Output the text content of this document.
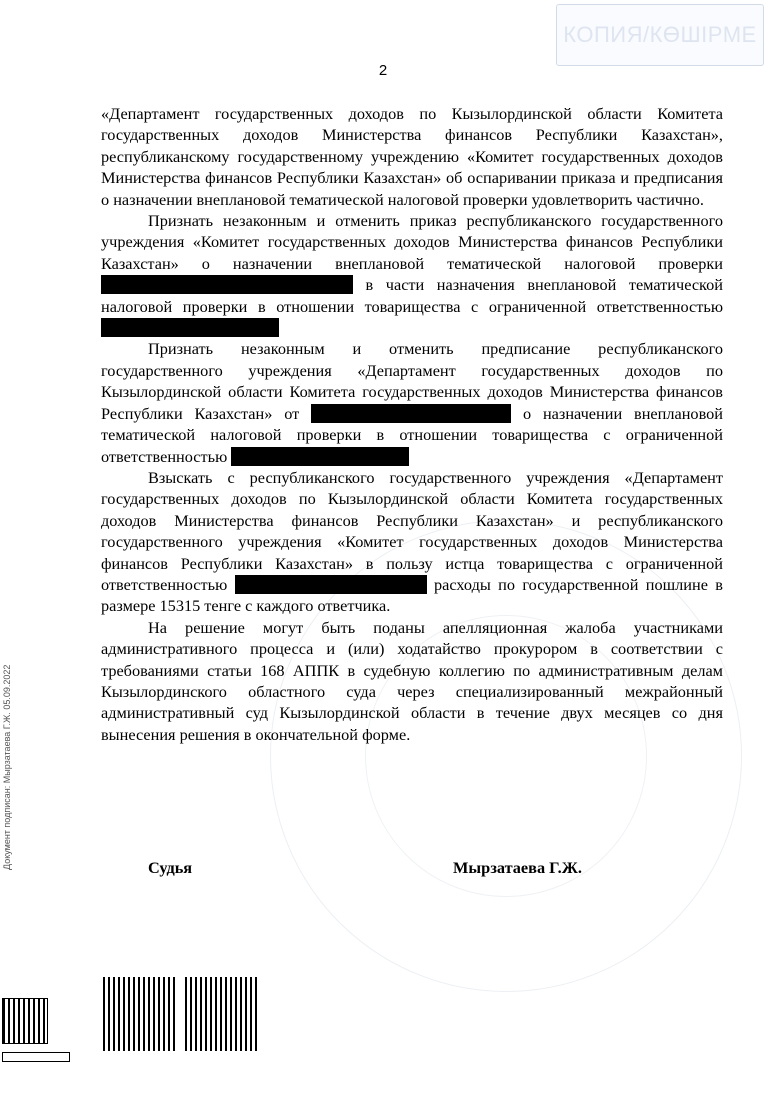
КОПИЯ/КӨШІРМЕ
2

«Департамент государственных доходов по Кызылординской области Комитета государственных доходов Министерства финансов Республики Казахстан», республиканскому государственному учреждению «Комитет государственных доходов Министерства финансов Республики Казахстан» об оспаривании приказа и предписания о назначении внеплановой тематической налоговой проверки удовлетворить частично.

Признать незаконным и отменить приказ республиканского государственного учреждения «Комитет государственных доходов Министерства финансов Республики Казахстан» о назначении внеплановой тематической налоговой проверки  в части назначения внеплановой тематической налоговой проверки в отношении товарищества с ограниченной ответственностью

Признать незаконным и отменить предписание республиканского государственного учреждения «Департамент государственных доходов по Кызылординской области Комитета государственных доходов Министерства финансов Республики Казахстан» от	о назначении внеплановой тематической налоговой проверки в отношении товарищества с ограниченной ответственностью

Взыскать с республиканского государственного учреждения «Департамент государственных доходов по Кызылординской области Комитета государственных доходов Министерства финансов Республики Казахстан» и республиканского государственного учреждения «Комитет государственных доходов Министерства финансов Республики Казахстан» в пользу истца товарищества с ограниченной ответственностью	расходы по государственной пошлине в размере 15315 тенге с каждого ответчика.

На решение могут быть поданы апелляционная жалоба участниками административного процесса и (или) ходатайство прокурором в соответствии с требованиями статьи 168 АППК в судебную коллегию по административным делам Кызылординского областного суда через специализированный межрайонный административный суд Кызылординской области в течение двух месяцев со дня вынесения решения в окончательной форме.

Судья	Мырзатаева Г.Ж.
Документ подписан: Мырзатаева Г.Ж. 05.09.2022
